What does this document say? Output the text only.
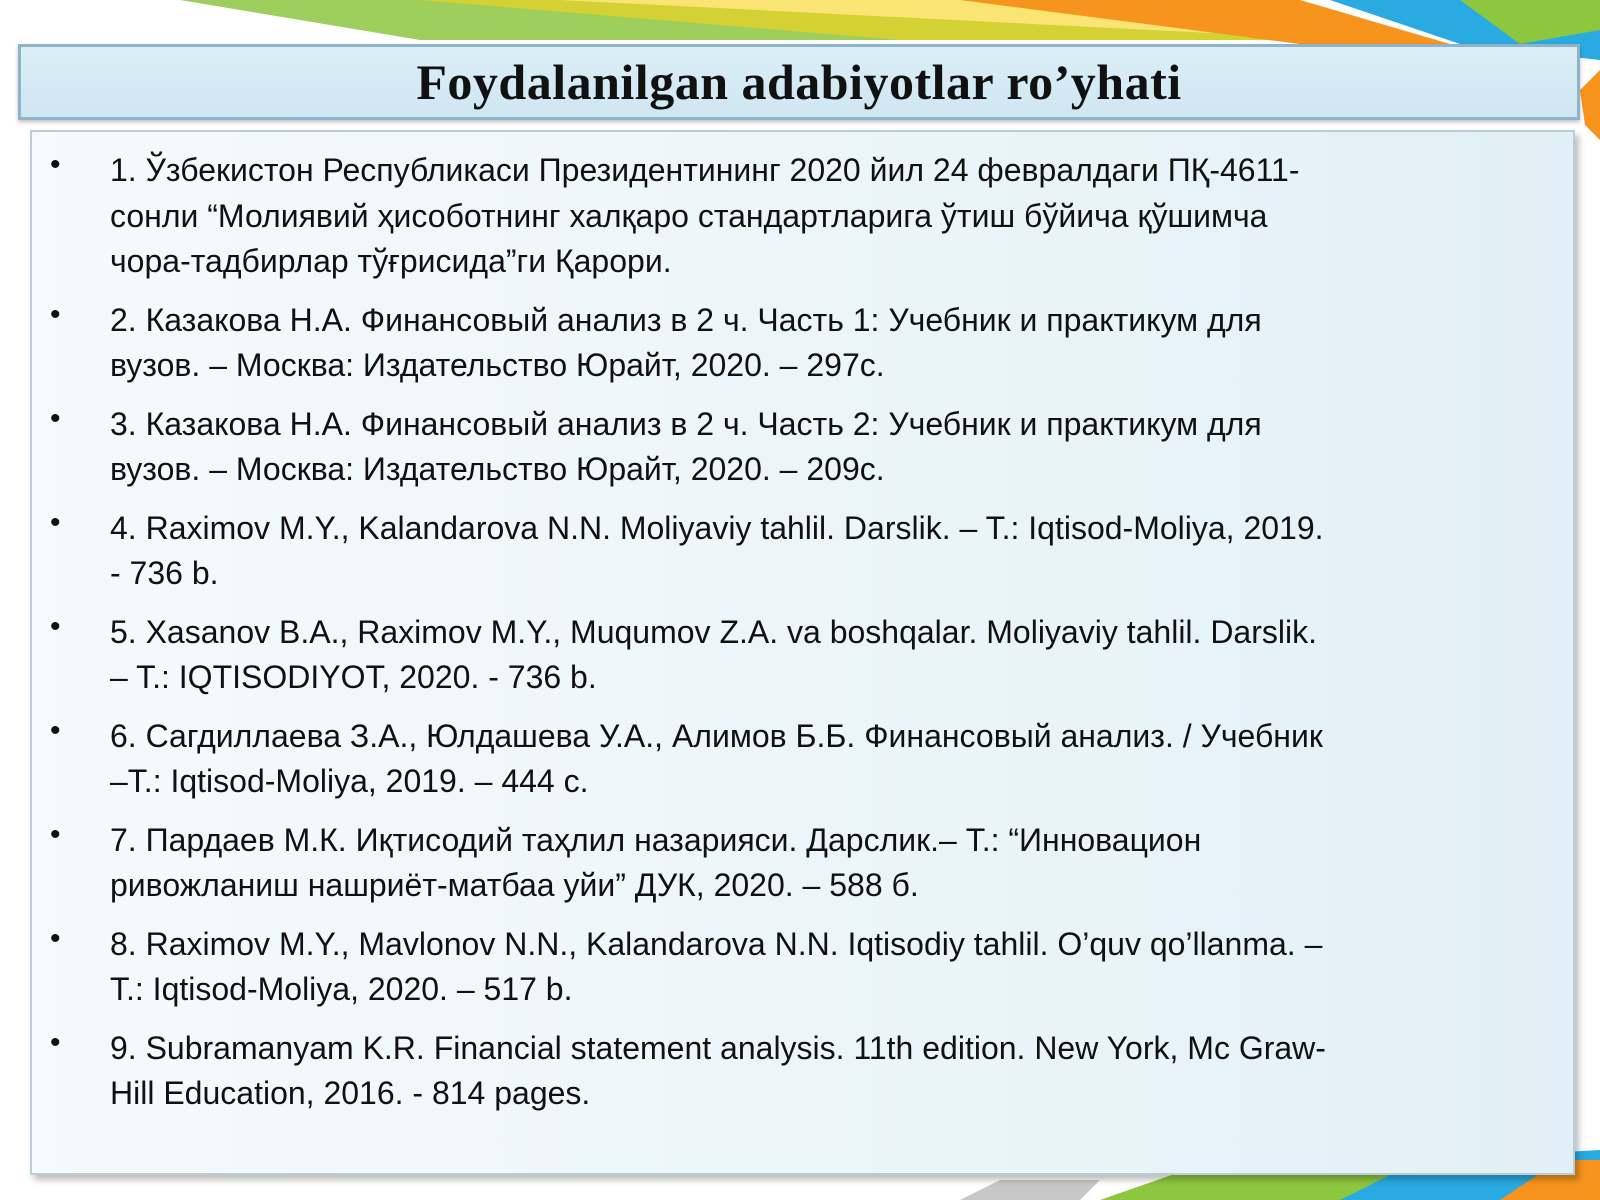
Foydalanilgan adabiyotlar ro’yhati
• 1. Ўзбекистон Республикаси Президентининг 2020 йил 24 февралдаги ПҚ-4611-
сонли “Молиявий ҳисоботнинг халқаро стандартларига ўтиш бўйича қўшимча
чора-тадбирлар тўғрисида”ги Қарори.
• 2. Казакова Н.А. Финансовый анализ в 2 ч. Часть 1: Учебник и практикум для
вузов. – Москва: Издательство Юрайт, 2020. – 297с.
• 3. Казакова Н.А. Финансовый анализ в 2 ч. Часть 2: Учебник и практикум для
вузов. – Москва: Издательство Юрайт, 2020. – 209с.
• 4. Raximov M.Y., Kalandarova N.N. Moliyaviy tahlil. Darslik. – T.: Iqtisod-Moliya, 2019.
- 736 b.
• 5. Xasanov B.A., Raximov M.Y., Muqumov Z.A. va boshqalar. Moliyaviy tahlil. Darslik.
– T.: IQTISODIYOT, 2020. - 736 b.
• 6. Сагдиллаева З.А., Юлдашева У.А., Алимов Б.Б. Финансовый анализ. / Учебник
–Т.: Iqtisod-Moliya, 2019. – 444 с.
• 7. Пардаев М.К. Иқтисодий таҳлил назарияси. Дарслик.– Т.: “Инновацион
ривожланиш нашриёт-матбаа уйи” ДУК, 2020. – 588 б.
• 8. Raximov M.Y., Mavlonov N.N., Kalandarova N.N. Iqtisodiy tahlil. O’quv qo’llanma. –
T.: Iqtisod-Moliya, 2020. – 517 b.
• 9. Subramanyam K.R. Financial statement analysis. 11th edition. New York, Mc Graw-
Hill Education, 2016. - 814 pages.
